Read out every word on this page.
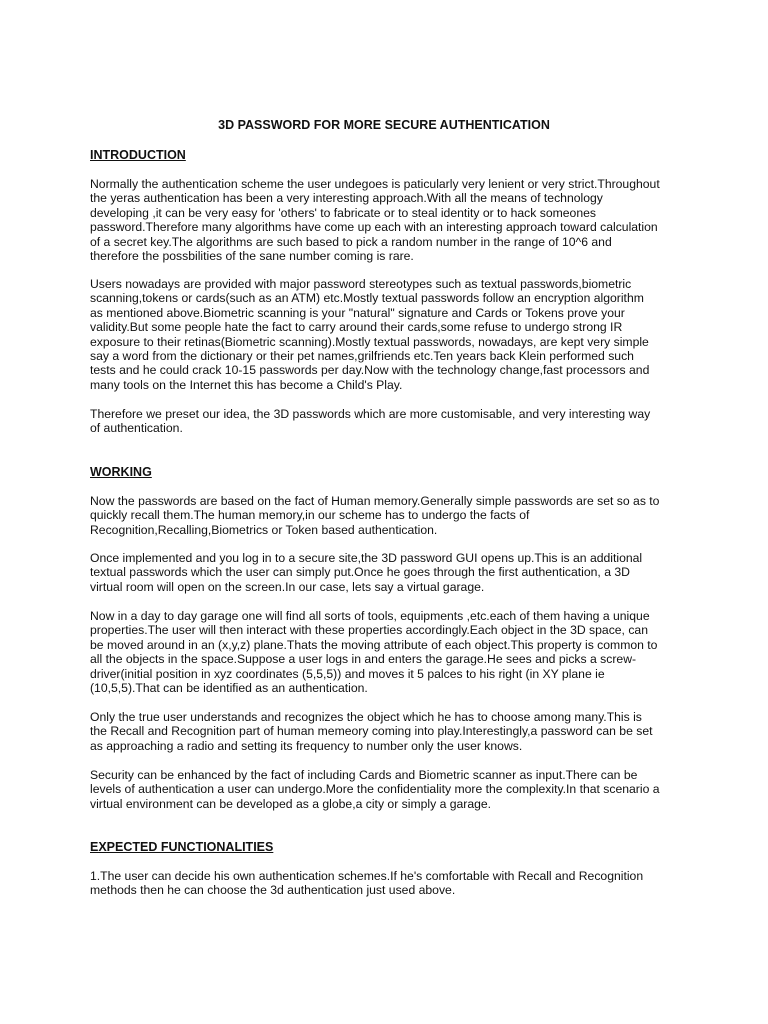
3D PASSWORD FOR MORE SECURE AUTHENTICATION
INTRODUCTION
Normally the authentication scheme the user undegoes is paticularly very lenient or very strict.Throughout
the yeras authentication has been a very interesting approach.With all the means of technology
developing ,it can be very easy for 'others' to fabricate or to steal identity or to hack someones
password.Therefore many algorithms have come up each with an interesting approach toward calculation
of a secret key.The algorithms are such based to pick a random number in the range of 10^6 and
therefore the possbilities of the sane number coming is rare.
Users nowadays are provided with major password stereotypes such as textual passwords,biometric
scanning,tokens or cards(such as an ATM) etc.Mostly textual passwords follow an encryption algorithm
as mentioned above.Biometric scanning is your "natural" signature and Cards or Tokens prove your
validity.But some people hate the fact to carry around their cards,some refuse to undergo strong IR
exposure to their retinas(Biometric scanning).Mostly textual passwords, nowadays, are kept very simple
say a word from the dictionary or their pet names,grilfriends etc.Ten years back Klein performed such
tests and he could crack 10-15 passwords per day.Now with the technology change,fast processors and
many tools on the Internet this has become a Child's Play.
Therefore we preset our idea, the 3D passwords which are more customisable, and very interesting way
of authentication.
WORKING
Now the passwords are based on the fact of Human memory.Generally simple passwords are set so as to
quickly recall them.The human memory,in our scheme has to undergo the facts of
Recognition,Recalling,Biometrics or Token based authentication.
Once implemented and you log in to a secure site,the 3D password GUI opens up.This is an additional
textual passwords which the user can simply put.Once he goes through the first authentication, a 3D
virtual room will open on the screen.In our case, lets say a virtual garage.
Now in a day to day garage one will find all sorts of tools, equipments ,etc.each of them having a unique
properties.The user will then interact with these properties accordingly.Each object in the 3D space, can
be moved around in an (x,y,z) plane.Thats the moving attribute of each object.This property is common to
all the objects in the space.Suppose a user logs in and enters the garage.He sees and picks a screw-
driver(initial position in xyz coordinates (5,5,5)) and moves it 5 palces to his right (in XY plane ie
(10,5,5).That can be identified as an authentication.
Only the true user understands and recognizes the object which he has to choose among many.This is
the Recall and Recognition part of human memeory coming into play.Interestingly,a password can be set
as approaching a radio and setting its frequency to number only the user knows.
Security can be enhanced by the fact of including Cards and Biometric scanner as input.There can be
levels of authentication a user can undergo.More the confidentiality more the complexity.In that scenario a
virtual environment can be developed as a globe,a city or simply a garage.
EXPECTED FUNCTIONALITIES
1.The user can decide his own authentication schemes.If he's comfortable with Recall and Recognition
methods then he can choose the 3d authentication just used above.
